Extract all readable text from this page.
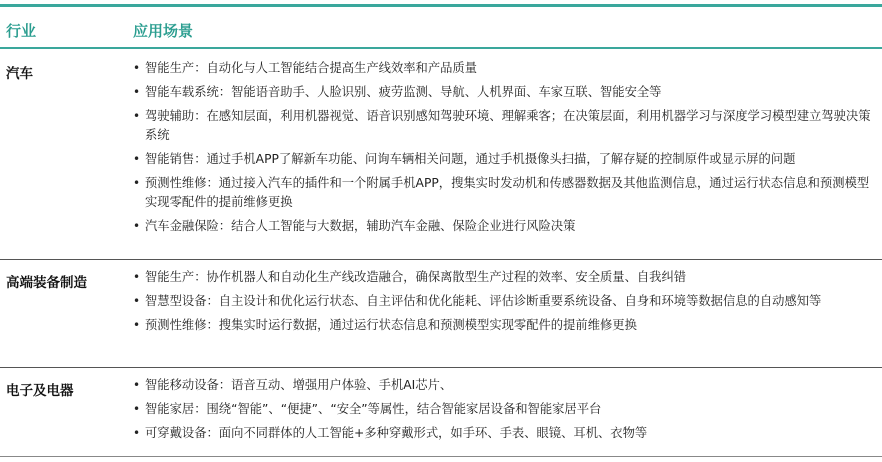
行业	应用场景
汽车	• 智能生产：自动化与人工智能结合提高生产线效率和产品质量
• 智能车载系统：智能语音助手、人脸识别、疲劳监测、导航、人机界面、车家互联、智能安全等
• 驾驶辅助：在感知层面，利用机器视觉、语音识别感知驾驶环境、理解乘客；在决策层面，利用机器学习与深度学习模型建立驾驶决策系统
• 智能销售：通过手机APP了解新车功能、问询车辆相关问题，通过手机摄像头扫描，了解存疑的控制原件或显示屏的问题
• 预测性维修：通过接入汽车的插件和一个附属手机APP，搜集实时发动机和传感器数据及其他监测信息，通过运行状态信息和预测模型实现零配件的提前维修更换
• 汽车金融保险：结合人工智能与大数据，辅助汽车金融、保险企业进行风险决策
高端装备制造	• 智能生产：协作机器人和自动化生产线改造融合，确保离散型生产过程的效率、安全质量、自我纠错
• 智慧型设备：自主设计和优化运行状态、自主评估和优化能耗、评估诊断重要系统设备、自身和环境等数据信息的自动感知等
• 预测性维修：搜集实时运行数据，通过运行状态信息和预测模型实现零配件的提前维修更换
电子及电器	• 智能移动设备：语音互动、增强用户体验、手机AI芯片、
• 智能家居：围绕“智能”、“便捷”、“安全”等属性，结合智能家居设备和智能家居平台
• 可穿戴设备：面向不同群体的人工智能+多种穿戴形式，如手环、手表、眼镜、耳机、衣物等
